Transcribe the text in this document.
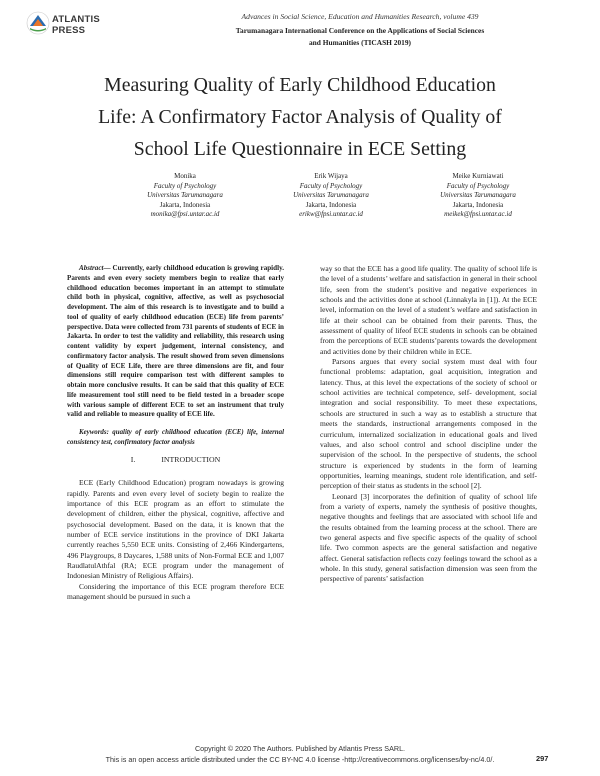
ATLANTIS
PRESS
Advances in Social Science, Education and Humanities Research, volume 439
Tarumanagara International Conference on the Applications of Social Sciences
and Humanities (TICASH 2019)
Measuring Quality of Early Childhood Education
Life: A Confirmatory Factor Analysis of Quality of
School Life Questionnaire in ECE Setting
Monika
Faculty of Psychology
Universitas Tarumanagara
Jakarta, Indonesia
monika@fpsi.untar.ac.id
Erik Wijaya
Faculty of Psychology
Universitas Tarumanagara
Jakarta, Indonesia
erikw@fpsi.untar.ac.id
Meike Kurniawati
Faculty of Psychology
Universitas Tarumanagara
Jakarta, Indonesia
meikek@fpsi.untar.ac.id

Abstract— Currently, early childhood education is growing rapidly. Parents and even every society members begin to realize that early childhood education becomes important in an attempt to stimulate child both in physical, cognitive, affective, as well as psychosocial development. The aim of this research is to investigate and to build a tool of quality of early childhood education (ECE) life from parents’ perspective. Data were collected from 731 parents of students of ECE in Jakarta. In order to test the validity and reliability, this research using content validity by expert judgement, internal consistency, and confirmatory factor analysis. The result showed from seven dimensions of Quality of ECE Life, there are three dimensions are fit, and four dimensions still require comparison test with different samples to obtain more conclusive results. It can be said that this quality of ECE life measurement tool still need to be field tested in a broader scope with various sample of different ECE to set an instrument that truly valid and reliable to measure quality of ECE life.

Keywords: quality of early childhood education (ECE) life, internal consistency test, confirmatory factor analysis

I.	INTRODUCTION

ECE (Early Childhood Education) program nowadays is growing rapidly. Parents and even every level of society begin to realize the importance of this ECE program as an effort to stimulate the development of children, either the physical, cognitive, affective and psychosocial development. Based on the data, it is known that the number of ECE service institutions in the province of DKI Jakarta currently reaches 5,550 ECE units. Consisting of 2,466 Kindergartens, 496 Playgroups, 8 Daycares, 1,588 units of Non-Formal ECE and 1,007 RaudlatulAthfal (RA; ECE program under the management of Indonesian Ministry of Religious Affairs).

Considering the importance of this ECE program therefore ECE management should be pursued in such a

way so that the ECE has a good life quality. The quality of school life is the level of a students’ welfare and satisfaction in general in their school life, seen from the student’s positive and negative experiences in schools and the activities done at school (Linnakyla in [1]). At the ECE level, information on the level of a student’s welfare and satisfaction in life at their school can be obtained from their parents. Thus, the assessment of quality of lifeof ECE students in schools can be obtained from the perceptions of ECE students’parents towards the development and activities done by their children while in ECE.

Parsons argues that every social system must deal with four functional problems: adaptation, goal acquisition, integration and latency. Thus, at this level the expectations of the society of school or school activities are technical competence, self- development, social integration and social responsibility. To meet these expectations, schools are structured in such a way as to establish a structure that meets the standards, instructional arrangements composed in the curriculum, internalized socialization in educational goals and lived values, and also school control and school discipline under the supervision of the school. In the perspective of students, the school structure is experienced by students in the form of learning opportunities, learning meanings, student role identification, and self-perception of their status as students in the school [2].

Leonard [3] incorporates the definition of quality of school life from a variety of experts, namely the synthesis of positive thoughts, negative thoughts and feelings that are associated with school life and the results obtained from the learning process at the school. There are two general aspects and five specific aspects of the quality of school life. Two common aspects are the general satisfaction and negative affect. General satisfaction reflects cozy feelings toward the school as a whole. In this study, general satisfaction dimension was seen from the perspective of parents’ satisfaction

Copyright © 2020 The Authors. Published by Atlantis Press SARL.
This is an open access article distributed under the CC BY-NC 4.0 license -http://creativecommons.org/licenses/by-nc/4.0/.	297
